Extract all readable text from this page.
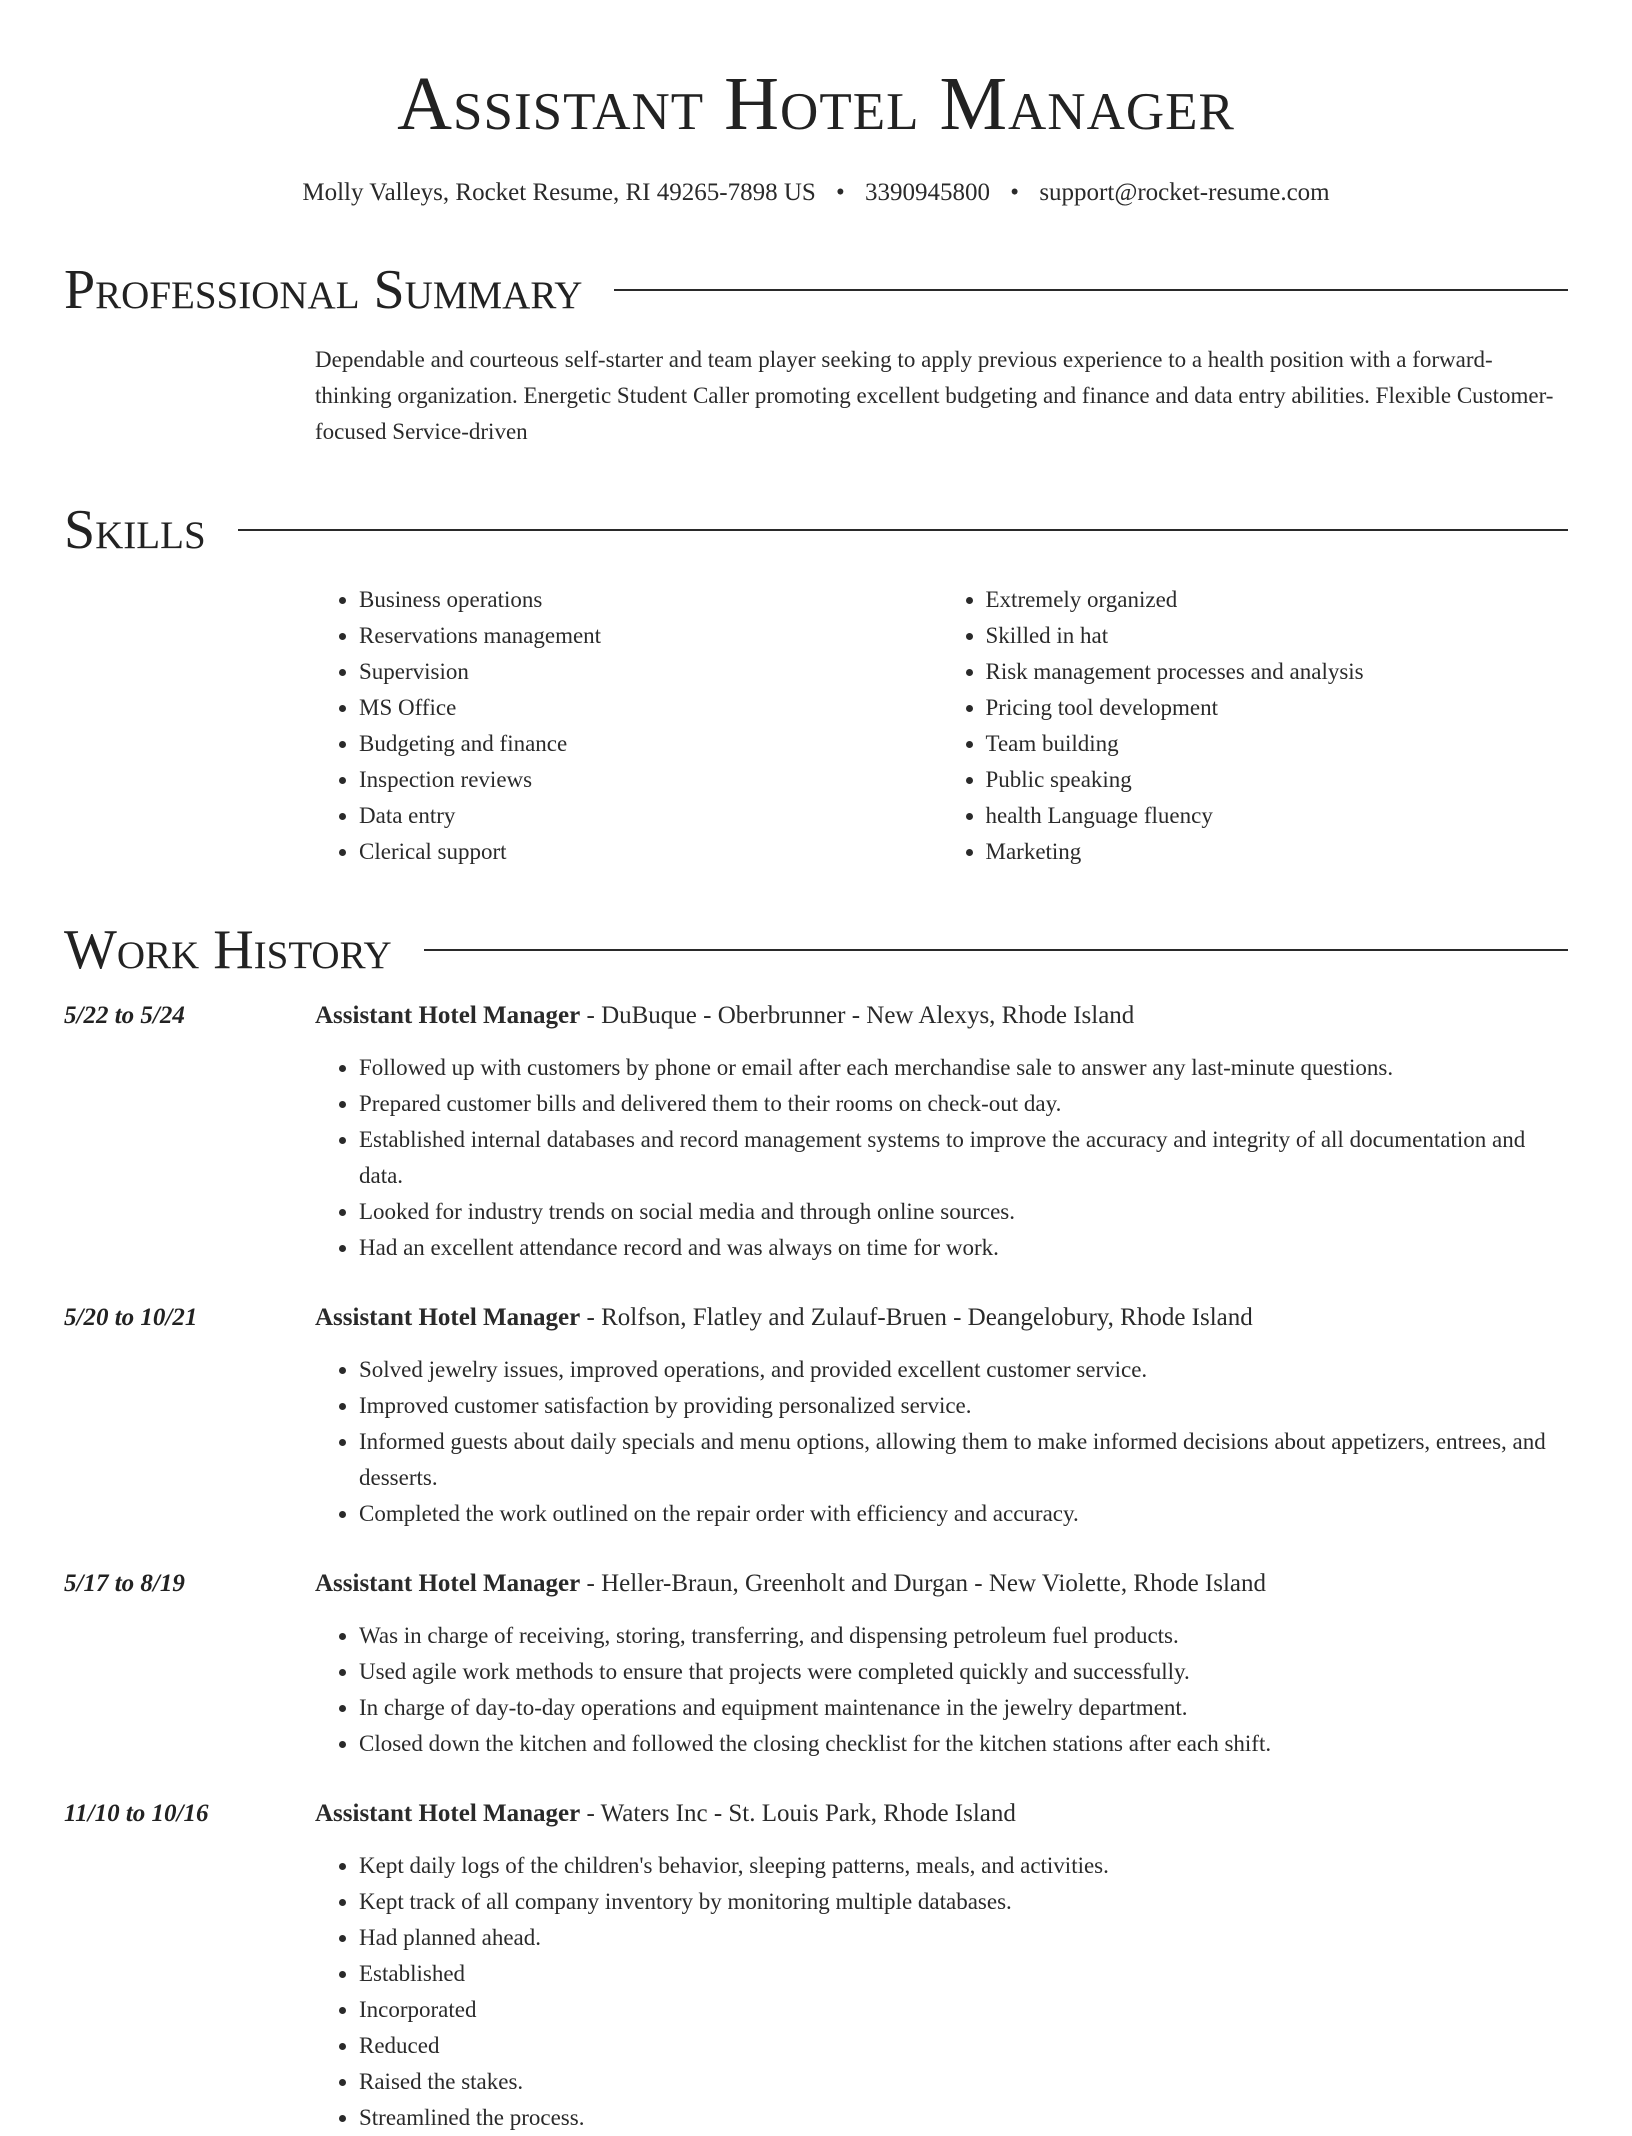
Assistant Hotel Manager
Molly Valleys, Rocket Resume, RI 49265-7898 US • 3390945800 • support@rocket-resume.com
Professional Summary
Dependable and courteous self-starter and team player seeking to apply previous experience to a health position with a forward-thinking organization. Energetic Student Caller promoting excellent budgeting and finance and data entry abilities. Flexible Customer-focused Service-driven
Skills
• Business operations
• Reservations management
• Supervision
• MS Office
• Budgeting and finance
• Inspection reviews
• Data entry
• Clerical support
• Extremely organized
• Skilled in hat
• Risk management processes and analysis
• Pricing tool development
• Team building
• Public speaking
• health Language fluency
• Marketing
Work History
5/22 to 5/24	Assistant Hotel Manager - DuBuque - Oberbrunner - New Alexys, Rhode Island
• Followed up with customers by phone or email after each merchandise sale to answer any last-minute questions.
• Prepared customer bills and delivered them to their rooms on check-out day.
• Established internal databases and record management systems to improve the accuracy and integrity of all documentation and data.
• Looked for industry trends on social media and through online sources.
• Had an excellent attendance record and was always on time for work.
5/20 to 10/21	Assistant Hotel Manager - Rolfson, Flatley and Zulauf-Bruen - Deangelobury, Rhode Island
• Solved jewelry issues, improved operations, and provided excellent customer service.
• Improved customer satisfaction by providing personalized service.
• Informed guests about daily specials and menu options, allowing them to make informed decisions about appetizers, entrees, and desserts.
• Completed the work outlined on the repair order with efficiency and accuracy.
5/17 to 8/19	Assistant Hotel Manager - Heller-Braun, Greenholt and Durgan - New Violette, Rhode Island
• Was in charge of receiving, storing, transferring, and dispensing petroleum fuel products.
• Used agile work methods to ensure that projects were completed quickly and successfully.
• In charge of day-to-day operations and equipment maintenance in the jewelry department.
• Closed down the kitchen and followed the closing checklist for the kitchen stations after each shift.
11/10 to 10/16	Assistant Hotel Manager - Waters Inc - St. Louis Park, Rhode Island
• Kept daily logs of the children's behavior, sleeping patterns, meals, and activities.
• Kept track of all company inventory by monitoring multiple databases.
• Had planned ahead.
• Established
• Incorporated
• Reduced
• Raised the stakes.
• Streamlined the process.
